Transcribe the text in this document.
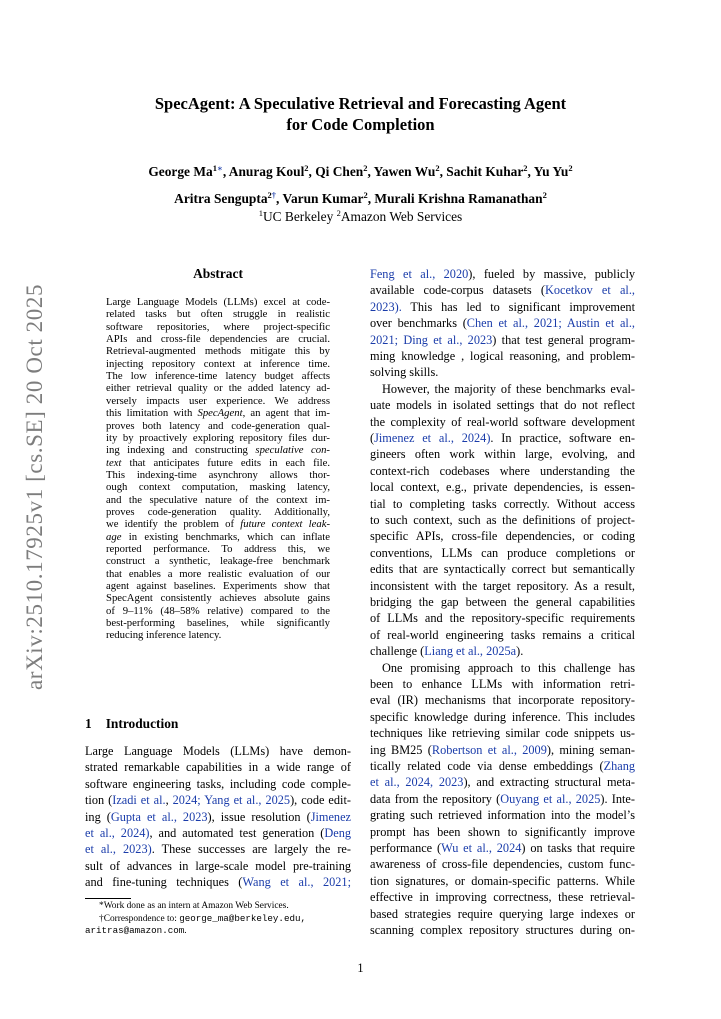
arXiv:2510.17925v1 [cs.SE] 20 Oct 2025
SpecAgent: A Speculative Retrieval and Forecasting Agent
for Code Completion
George $Ma^{1∗}$, Anurag Koul$^2$, Qi Chen$^2$, Yawen Wu$^2$, Sachit Kuhar$^2$, Yu Yu$^2$
Aritra Sengupta$^{2\dagger}$, Varun Kumar$^2$, Murali Krishna Ramanathan$^2$
$^1$UC Berkeley $^2$Amazon Web Services
Abstract
Large Language Models (LLMs) excel at code-
related tasks but often struggle in realistic
software repositories, where project-specific
APIs and cross-file dependencies are crucial.
Retrieval-augmented methods mitigate this by
injecting repository context at inference time.
The low inference-time latency budget affects
either retrieval quality or the added latency ad-
versely impacts user experience. We address
this limitation with SpecAgent, an agent that im-
proves both latency and code-generation qual-
ity by proactively exploring repository files dur-
ing indexing and constructing speculative con-
text that anticipates future edits in each file.
This indexing-time asynchrony allows thor-
ough context computation, masking latency,
and the speculative nature of the context im-
proves code-generation quality. Additionally,
we identify the problem of future context leak-
age in existing benchmarks, which can inflate
reported performance. To address this, we
construct a synthetic, leakage-free benchmark
that enables a more realistic evaluation of our
agent against baselines. Experiments show that
SpecAgent consistently achieves absolute gains
of 9–11% (48–58% relative) compared to the
best-performing baselines, while significantly
reducing inference latency.
1 Introduction
Large Language Models (LLMs) have demon-
strated remarkable capabilities in a wide range of
software engineering tasks, including code comple-
tion (Izadi et al., 2024; Yang et al., 2025), code edit-
ing (Gupta et al., 2023), issue resolution (Jimenez
et al., 2024), and automated test generation (Deng
et al., 2023). These successes are largely the re-
sult of advances in large-scale model pre-training
and fine-tuning techniques (Wang et al., 2021;
Feng et al., 2020), fueled by massive, publicly
available code-corpus datasets (Kocetkov et al.,
2023). This has led to significant improvement
over benchmarks (Chen et al., 2021; Austin et al.,
2021; Ding et al., 2023) that test general program-
ming knowledge , logical reasoning, and problem-
solving skills.
However, the majority of these benchmarks eval-
uate models in isolated settings that do not reflect
the complexity of real-world software development
(Jimenez et al., 2024). In practice, software en-
gineers often work within large, evolving, and
context-rich codebases where understanding the
local context, e.g., private dependencies, is essen-
tial to completing tasks correctly. Without access
to such context, such as the definitions of project-
specific APIs, cross-file dependencies, or coding
conventions, LLMs can produce completions or
edits that are syntactically correct but semantically
inconsistent with the target repository. As a result,
bridging the gap between the general capabilities
of LLMs and the repository-specific requirements
of real-world engineering tasks remains a critical
challenge (Liang et al., 2025a).
One promising approach to this challenge has
been to enhance LLMs with information retri-
eval (IR) mechanisms that incorporate repository-
specific knowledge during inference. This includes
techniques like retrieving similar code snippets us-
ing BM25 (Robertson et al., 2009), mining seman-
tically related code via dense embeddings (Zhang
et al., 2024, 2023), and extracting structural meta-
data from the repository (Ouyang et al., 2025). Inte-
grating such retrieved information into the model’s
prompt has been shown to significantly improve
performance (Wu et al., 2024) on tasks that require
awareness of cross-file dependencies, custom func-
tion signatures, or domain-specific patterns. While
effective in improving correctness, these retrieval-
based strategies require querying large indexes or
scanning complex repository structures during on-
*Work done as an intern at Amazon Web Services.
†Correspondence to: george_ma@berkeley.edu,
aritras@amazon.com.
1
